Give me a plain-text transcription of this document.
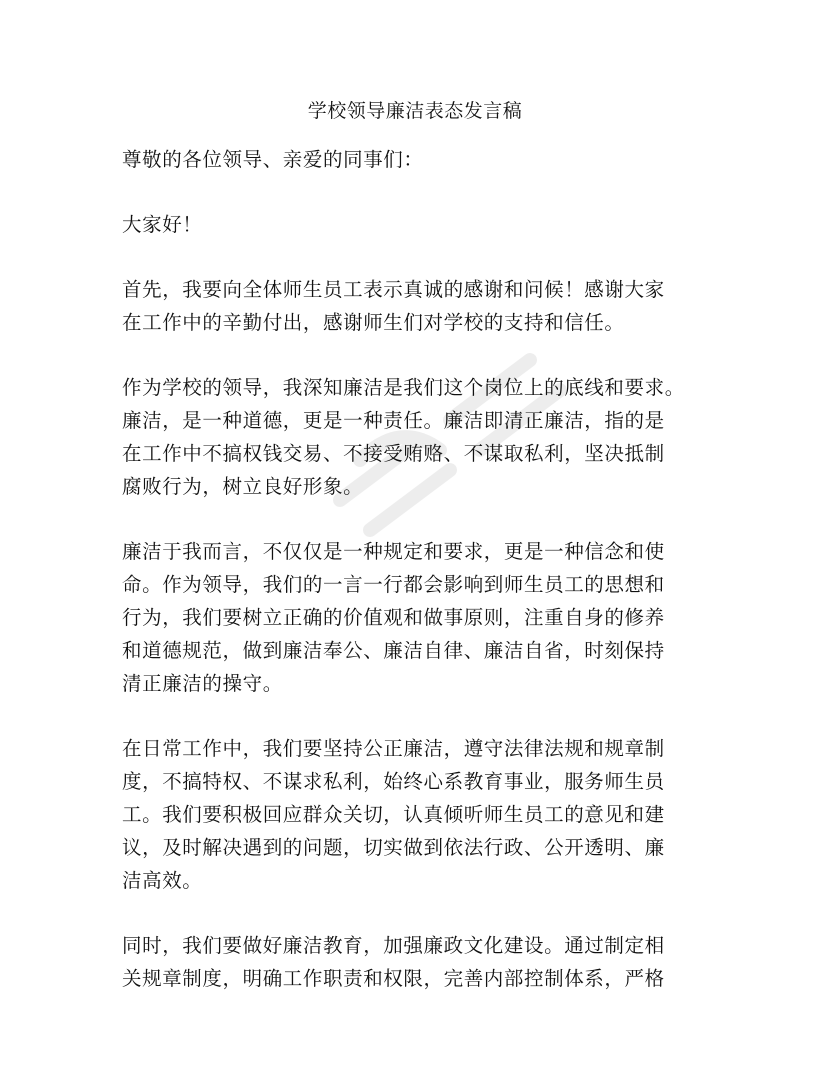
学校领导廉洁表态发言稿

尊敬的各位领导、亲爱的同事们：

大家好！

首先，我要向全体师生员工表示真诚的感谢和问候！感谢大家
在工作中的辛勤付出，感谢师生们对学校的支持和信任。

作为学校的领导，我深知廉洁是我们这个岗位上的底线和要求。
廉洁，是一种道德，更是一种责任。廉洁即清正廉洁，指的是
在工作中不搞权钱交易、不接受贿赂、不谋取私利，坚决抵制
腐败行为，树立良好形象。

廉洁于我而言，不仅仅是一种规定和要求，更是一种信念和使
命。作为领导，我们的一言一行都会影响到师生员工的思想和
行为，我们要树立正确的价值观和做事原则，注重自身的修养
和道德规范，做到廉洁奉公、廉洁自律、廉洁自省，时刻保持
清正廉洁的操守。

在日常工作中，我们要坚持公正廉洁，遵守法律法规和规章制
度，不搞特权、不谋求私利，始终心系教育事业，服务师生员
工。我们要积极回应群众关切，认真倾听师生员工的意见和建
议，及时解决遇到的问题，切实做到依法行政、公开透明、廉
洁高效。

同时，我们要做好廉洁教育，加强廉政文化建设。通过制定相
关规章制度，明确工作职责和权限，完善内部控制体系，严格
